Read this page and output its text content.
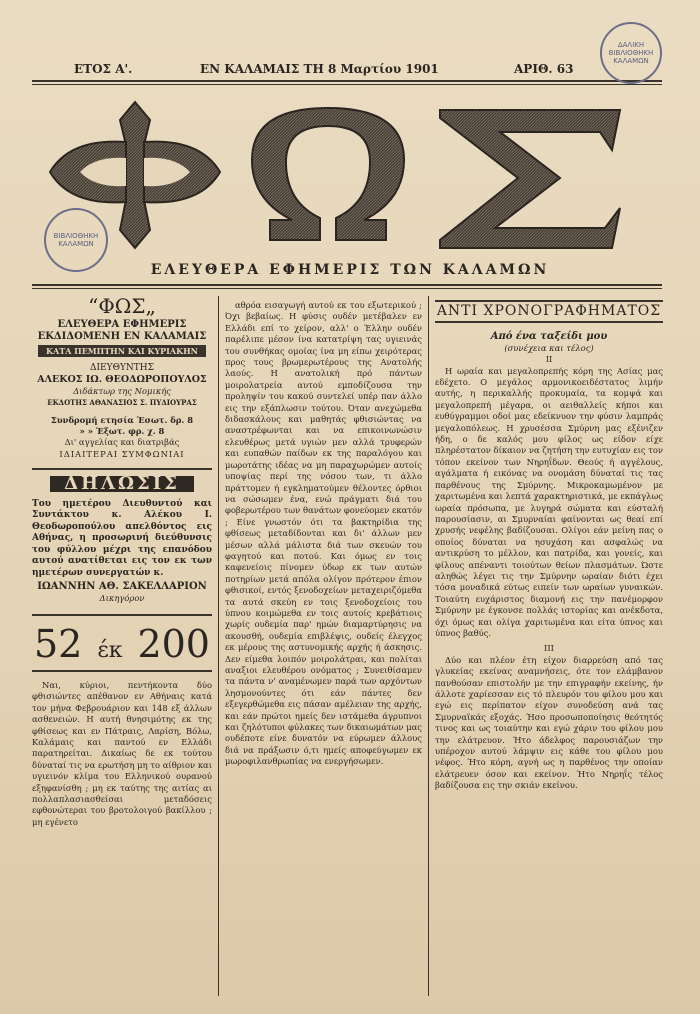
ΕΤΟΣ Α'.	ΕΝ ΚΑΛΑΜΑΙΣ ΤΗ 8 Μαρτίου 1901	ΑΡΙΘ. 63
ΔΑΛΙΚΗ ΒΙΒΛΙΟΘΗΚΗ ΚΑΛΑΜΩΝ
ΒΙΒΛΙΟΘΗΚΗ ΚΑΛΑΜΩΝ
ΕΛΕΥΘΕΡΑ ΕΦΗΜΕΡΙΣ ΤΩΝ ΚΑΛΑΜΩΝ
“ΦΩΣ„
ΕΛΕΥΘΕΡΑ ΕΦΗΜΕΡΙΣ
ΕΚΔΙΔΟΜΕΝΗ ΕΝ ΚΑΛΑΜΑΙΣ
ΚΑΤΑ ΠΕΜΠΤΗΝ ΚΑΙ ΚΥΡΙΑΚΗΝ
ΔΙΕΥΘΥΝΤΗΣ
ΑΛΕΚΟΣ ΙΩ. ΘΕΟΔΩΡΟΠΟΥΛΟΣ
Διδάκτωρ της Νομικής
ΕΚΔΟΤΗΣ ΑΘΑΝΑΣΙΟΣ Σ. ΠΥΔΙΟΥΡΑΣ
Συνδρομή ετησία Έσωτ. δρ. 8
» » Έξωτ. φρ. χ. 8
Δι' αγγελίας και διατριβάς
ΙΔΙΑΙΤΕΡΑΙ ΣΥΜΦΩΝΙΑΙ
ΔΗΛΩΣΙΣ
Του ημετέρου Διευθυντού και Συντάκτου κ. Αλέκου Ι. Θεοδωροπούλου απελθόντος εις Αθήνας, η προσωρινή διεύθυνσις του φύλλου μέχρι της επανόδου αυτού ανατίθεται εις τον εκ των ημετέρων συνεργατών κ.
ΙΩΑΝΝΗΝ ΑΘ. ΣΑΚΕΛΛΑΡΙΟΝ
Δικηγόρον
52 έκ 200

Ναι, κύριοι, πεντήκοντα δύο φθισιώντες απέθανον εν Αθήναις κατά τον μήνα Φεβρουάριον και 148 εξ άλλων ασθενειών. Η αυτή θνησιμότης εκ της φθίσεως και εν Πάτραις, Λαρίση, Βόλω, Καλάμαις και παντού εν Ελλάδι παρατηρείται. Δικαίως δε εκ τούτου δύναταί τις να ερωτήση μη το αίθριον και υγιεινόν κλίμα του Ελληνικού ουρανού εξηφανίσθη ; μη εκ ταύτης της αιτίας αι πολλαπλασιασθείσαι μεταδόσεις εφθονώτεραι του βροτολοιγού βακίλλου ; μη εγένετο

αθρόα εισαγωγή αυτού εκ του εξωτερικού ; Όχι βεβαίως. Η φύσις ουδέν μετέβαλεν εν Ελλάδι επί το χείρον, αλλ' ο Έλλην ουδέν παρέλιπε μέσον ίνα κατατρίψη τας υγιεινάς του συνθήκας ομοίας ίνα μη είπω χειρότερας προς τους βρωμερωτέρους της Ανατολής λαούς. Η ανατολική πρό πάντων μοιρολατρεία αυτού εμποδίζουσα την προληψίν του κακού συντελεί υπέρ παν άλλο εις την εξάπλωσιν τούτου. Όταν ανεχώμεθα διδασκάλους και μαθητάς φθισιώντας να αναστρέφωνται και να επικοινωνώσιν ελευθέρως μετά υγιών μεν αλλά τρυφερών και ευπαθών παίδων εκ της παραλόγου και μωροτάτης ιδέας να μη παραχωρώμεν αυτοίς υποψίας περί της νόσου των, τι άλλο πράττομεν ή εγκληματούμεν θέλοντες όρθιοι να σώσωμεν ένα, ενώ πράγματι διά του φοβερωτέρου των θανάτων φονεύομεν εκατόν ; Είνε γνωστόν ότι τα βακτηρίδια της φθίσεως μεταδίδονται και δι' άλλων μεν μέσων αλλά μάλιστα διά των σκευών του φαγητού και ποτού. Και όμως εν τοις καφενείοις πίνομεν ύδωρ εκ των αυτών ποτηρίων μετά απόλα ολίγον πρότερον έπιον φθισικοί, εντός ξενοδοχείων μεταχειριζόμεθα τα αυτά σκεύη εν τοις ξενοδοχείοις του ύπνου κοιμώμεθα εν τοις αυτοίς κρεβάτιοις χωρίς ουδεμία παρ' ημών διαμαρτύρησις να ακουσθή, ουδεμία επιβλέψις, ουδείς έλεγχος εκ μέρους της αστυνομικής αρχής ή άσκησις. Δεν είμεθα λοιπόν μοιρολάτραι, και πολίται αναξιοι ελευθέρου ονόματος ; Συνειθίσαμεν τα πάντα ν' αναμένωμεν παρά των αρχόντων λησμονούντες ότι εάν πάντες δεν εξεγερθώμεθα εις πάσαν αμέλειαν της αρχής, και εάν πρώτοι ημείς δεν ιστάμεθα άγρυπνοι και ζηλότυποι φύλακες των δικαιωμάτων μας ουδέποτε είνε δυνατόν να εύρωμεν άλλους διά να πράξωσιν ό,τι ημείς αποφεύγωμεν εκ μωροφιλανθρωπίας να ενεργήσωμεν.

ΑΝΤΙ ΧΡΟΝΟΓΡΑΦΗΜΑΤΟΣ
Από ένα ταξείδι μου
(συνέχεια και τέλος)
II

Η ωραία και μεγαλοπρεπής κόρη της Ασίας μας εδέχετο. Ο μεγάλος αρμονικοειδέστατος λιμήν αυτής, η περικαλλής προκυμαία, τα κομψά και μεγαλοπρεπή μέγαρα, οι αειθαλλείς κήποι και ευθύγραμμοι οδοί μας εδείκνυον την φύσιν λαμπράς μεγαλοπόλεως. Η χρυσέσσα Σμύρνη μας εξένιζεν ήδη, ο δε καλός μου φίλος ως είδον είχε πληρέστατον δίκαιον να ζητήση την ευτυχίαν εις τον τόπον εκείνον των Νηρηΐδων. Θεούς ή αγγέλους, αγάλματα ή εικόνας να ονομάση δύναταί τις τας παρθένους της Σμύρνης. Μικροκαμωμένον με χαριτωμένα και λεπτά χαρακτηριστικά, με εκπάγλως ωραία πρόσωπα, με λυγηρά σώματα και εύσταλή παρουσίασιν, αι Σμυρναίαι φαίνονται ως θεαί επί χρυσής νεφέλης βαδίζουσαι. Ολίγοι εάν μείνη πας ο οποίος δύναται να ησυχάση και ασφαλώς να αντικρύση το μέλλον, και πατρίδα, και γονείς, και φίλους απέναντι τοιούτων θείων πλασμάτων. Ώστε αληθώς λέγει τις την Σμύρνην ωραίαν διότι έχει τόσα μοναδικά εύτως ειπείν των ωραίων γυναικών. Τοιαύτη ευχάριστος διαμονή εις την πανέμορφον Σμύρνην με έγκονσε πολλάς ιστορίας και ανέκδοτα, όχι όμως και ολίγα χαριτωμένα και είτα ύπνος και ύπνος βαθύς.

III

Δύο και πλέον έτη είχον διαρρεύση από τας γλυκείας εκείνας αναμνήσεις, ότε τον ελάμβανον πανθούσαν επιστολήν με την επιγραφήν εκείνης, ήν άλλοτε χαρίεσσαν εις τό πλευρόν του φίλου μου και εγώ εις περίπατον είχον συνοδεύση ανά τας Σμυρναϊκάς εξοχάς. Ήσο προσωποποίησις θεότητός τινος και ως τοιαύτην και εγώ χάριν του φίλου μου την ελάτρευον. Ήτο άδελφος παρουσιάζων την υπέροχον αυτού λάμψιν εις κάθε του φίλου μου νέφος. Ήτο κόρη, αγνή ως η παρθένος την οποίαν ελάτρευεν όσον και εκείνον. Ήτο Νηρηΐς τέλος βαδίζουσα εις την σκιάν εκείνου.
